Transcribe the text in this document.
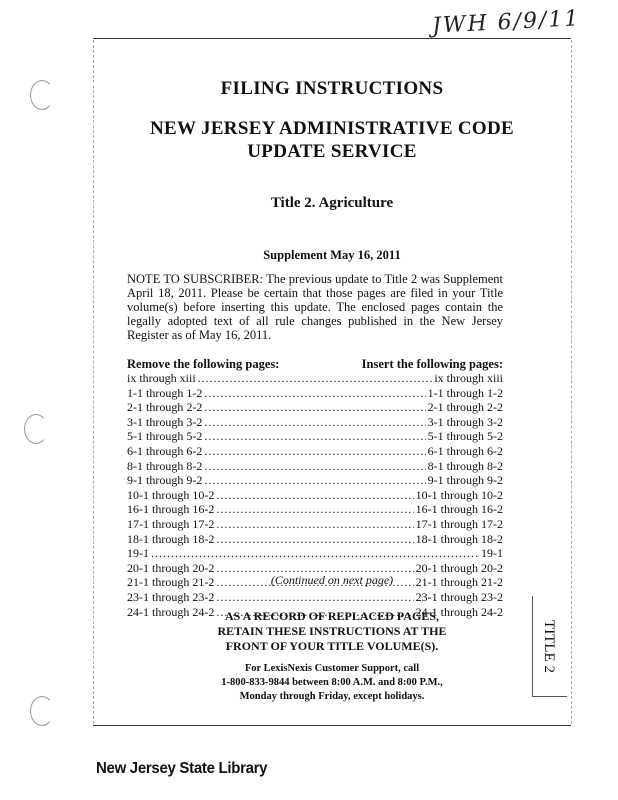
JWH 6/9/11
FILING INSTRUCTIONS
NEW JERSEY ADMINISTRATIVE CODE
UPDATE SERVICE
Title 2. Agriculture
Supplement May 16, 2011
NOTE TO SUBSCRIBER: The previous update to Title 2 was Supplement April 18, 2011. Please be certain that those pages are filed in your Title volume(s) before inserting this update. The enclosed pages contain the legally adopted text of all rule changes published in the New Jersey Register as of May 16, 2011.
Remove the following pages:	Insert the following pages:
ix through xiii .....	ix through xiii
1-1 through 1-2 .....	1-1 through 1-2
2-1 through 2-2 .....	2-1 through 2-2
3-1 through 3-2 .....	3-1 through 3-2
5-1 through 5-2 .....	5-1 through 5-2
6-1 through 6-2 .....	6-1 through 6-2
8-1 through 8-2 .....	8-1 through 8-2
9-1 through 9-2 .....	9-1 through 9-2
10-1 through 10-2 .....	10-1 through 10-2
16-1 through 16-2 .....	16-1 through 16-2
17-1 through 17-2 .....	17-1 through 17-2
18-1 through 18-2 .....	18-1 through 18-2
19-1 .....	19-1
20-1 through 20-2 .....	20-1 through 20-2
21-1 through 21-2 .....	21-1 through 21-2
23-1 through 23-2 .....	23-1 through 23-2
24-1 through 24-2 .....	24-1 through 24-2
(Continued on next page)
AS A RECORD OF REPLACED PAGES,
RETAIN THESE INSTRUCTIONS AT THE
FRONT OF YOUR TITLE VOLUME(S).
For LexisNexis Customer Support, call
1-800-833-9844 between 8:00 A.M. and 8:00 P.M.,
Monday through Friday, except holidays.
TITLE 2
New Jersey State Library
